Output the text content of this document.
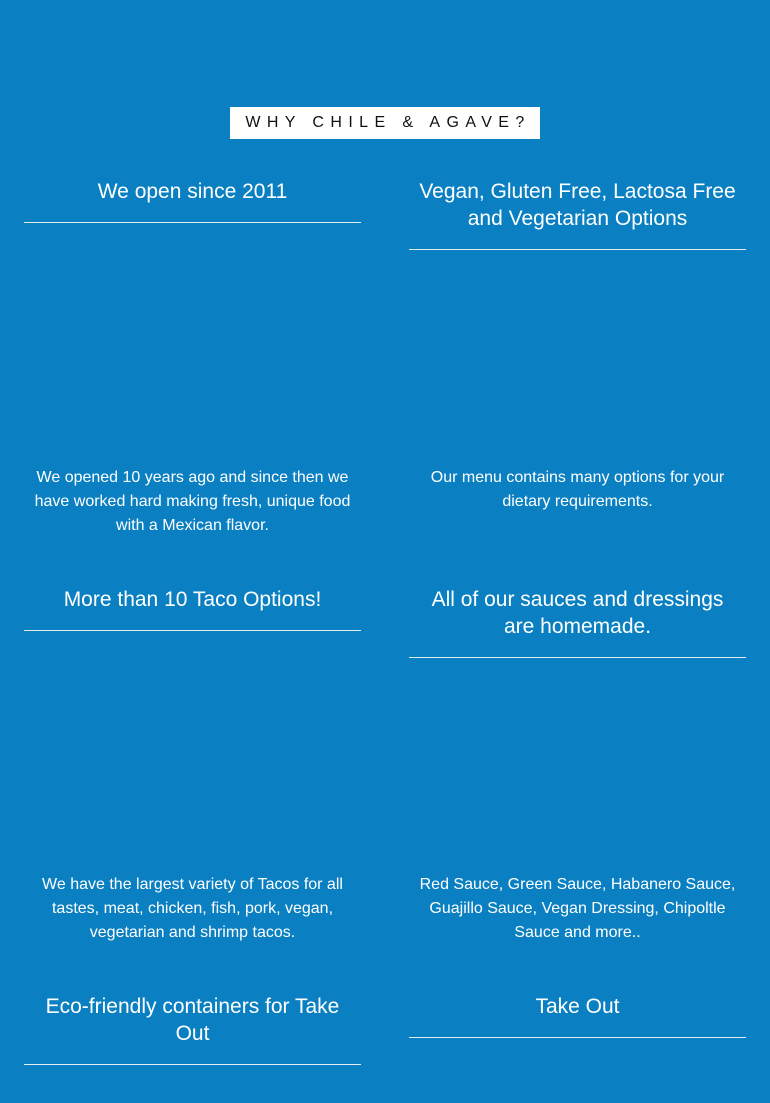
WHY CHILE & AGAVE?
We open since 2011

We opened 10 years ago and since then we have worked hard making fresh, unique food with a Mexican flavor.

Vegan, Gluten Free, Lactosa Free and Vegetarian Options

Our menu contains many options for your dietary requirements.

More than 10 Taco Options!

We have the largest variety of Tacos for all tastes, meat, chicken, fish, pork, vegan, vegetarian and shrimp tacos.

All of our sauces and dressings are homemade.

Red Sauce, Green Sauce, Habanero Sauce, Guajillo Sauce, Vegan Dressing, Chipoltle Sauce and more..

Eco-friendly containers for Take Out
Take Out
